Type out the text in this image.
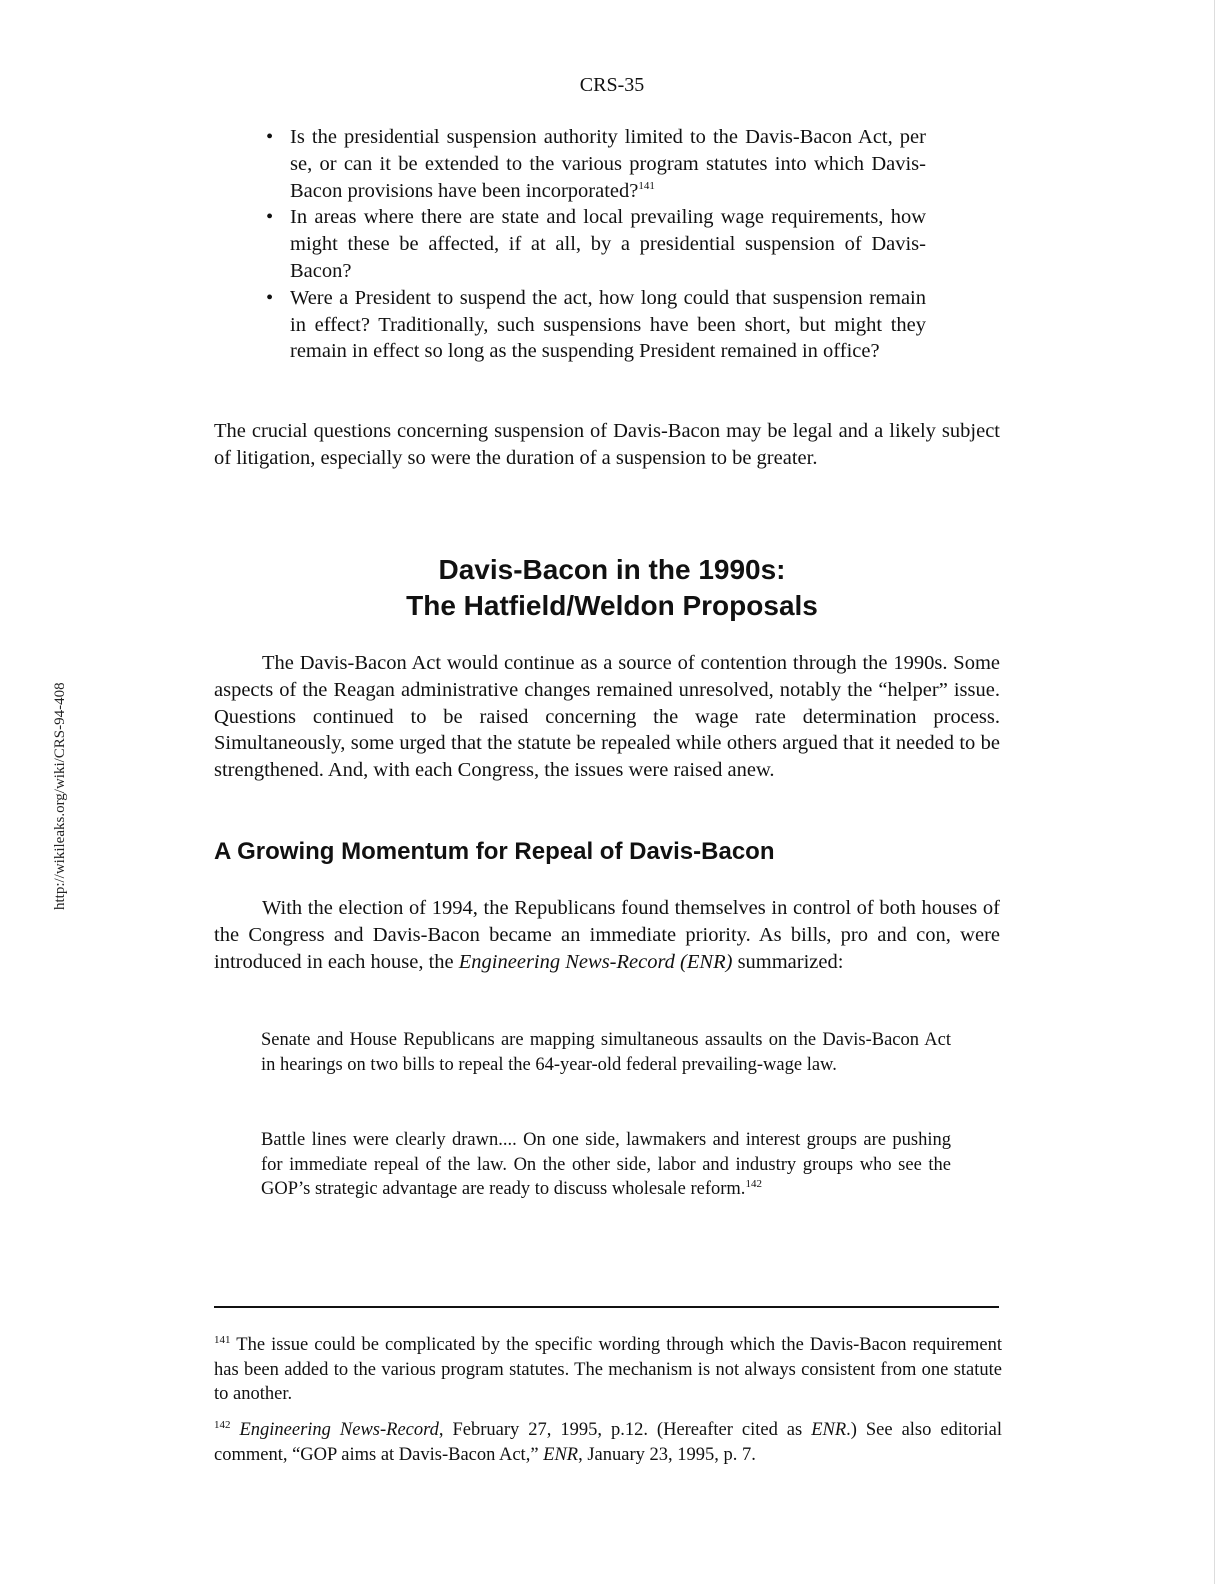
CRS-35
http://wikileaks.org/wiki/CRS-94-408
• Is the presidential suspension authority limited to the Davis-Bacon Act, per se, or can it be extended to the various program statutes into which Davis-Bacon provisions have been incorporated?$^{141}$
• In areas where there are state and local prevailing wage requirements, how might these be affected, if at all, by a presidential suspension of Davis-Bacon?
• Were a President to suspend the act, how long could that suspension remain in effect? Traditionally, such suspensions have been short, but might they remain in effect so long as the suspending President remained in office?

The crucial questions concerning suspension of Davis-Bacon may be legal and a likely subject of litigation, especially so were the duration of a suspension to be greater.

Davis-Bacon in the 1990s:
The Hatfield/Weldon Proposals

The Davis-Bacon Act would continue as a source of contention through the 1990s. Some aspects of the Reagan administrative changes remained unresolved, notably the “helper” issue. Questions continued to be raised concerning the wage rate determination process. Simultaneously, some urged that the statute be repealed while others argued that it needed to be strengthened. And, with each Congress, the issues were raised anew.

A Growing Momentum for Repeal of Davis-Bacon

With the election of 1994, the Republicans found themselves in control of both houses of the Congress and Davis-Bacon became an immediate priority. As bills, pro and con, were introduced in each house, the Engineering News-Record (ENR) summarized:

Senate and House Republicans are mapping simultaneous assaults on the Davis-Bacon Act in hearings on two bills to repeal the 64-year-old federal prevailing-wage law.

Battle lines were clearly drawn.... On one side, lawmakers and interest groups are pushing for immediate repeal of the law. On the other side, labor and industry groups who see the GOP’s strategic advantage are ready to discuss wholesale reform.$^{142}$

$^{141}$ The issue could be complicated by the specific wording through which the Davis-Bacon requirement has been added to the various program statutes. The mechanism is not always consistent from one statute to another.

$^{142}$ Engineering News-Record, February 27, 1995, p.12. (Hereafter cited as ENR.) See also editorial comment, “GOP aims at Davis-Bacon Act,” ENR, January 23, 1995, p. 7.
